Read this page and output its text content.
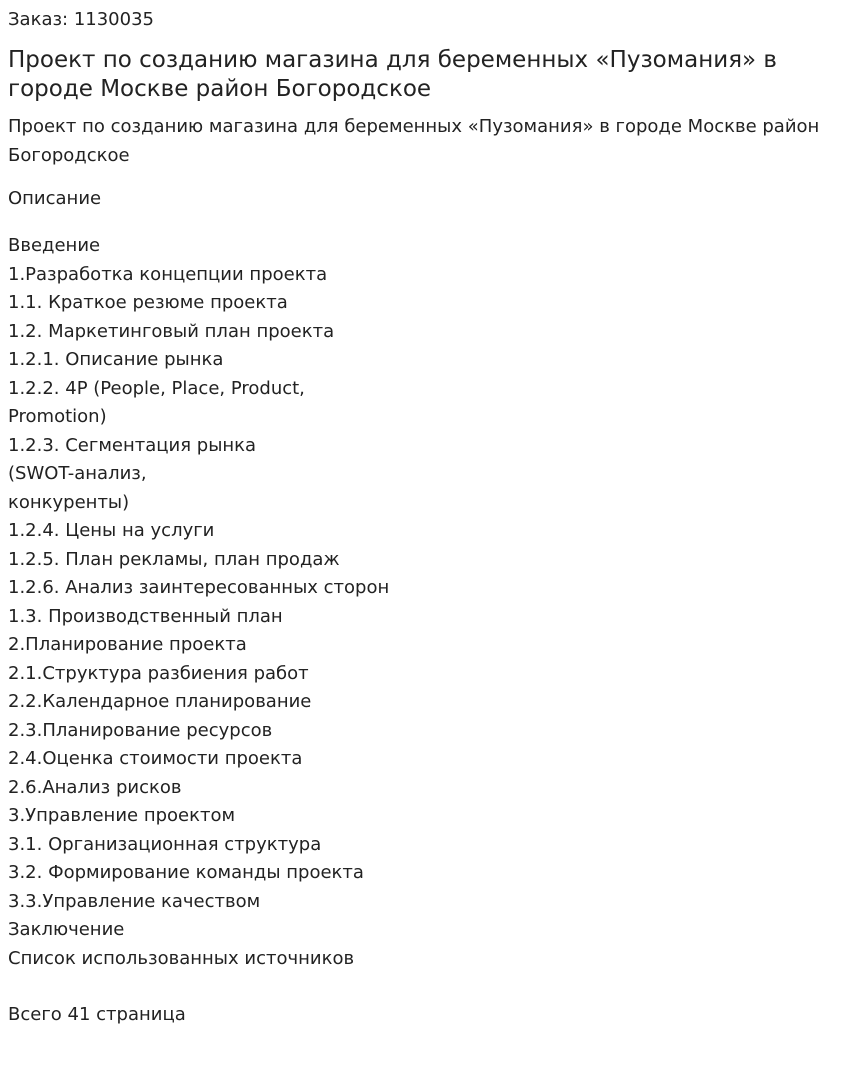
Заказ: 1130035
Проект по созданию магазина для беременных «Пузомания» в городе Москве район Богородское
Проект по созданию магазина для беременных «Пузомания» в городе Москве район Богородское
Описание
Введение
1.Разработка концепции проекта
1.1. Краткое резюме проекта
1.2. Маркетинговый план проекта
1.2.1. Описание рынка
1.2.2. 4P (People, Place, Product,
Promotion)
1.2.3. Сегментация рынка
(SWOT-анализ,
конкуренты)
1.2.4. Цены на услуги
1.2.5. План рекламы, план продаж
1.2.6. Анализ заинтересованных сторон
1.3. Производственный план
2.Планирование проекта
2.1.Структура разбиения работ
2.2.Календарное планирование
2.3.Планирование ресурсов
2.4.Оценка стоимости проекта
2.6.Анализ рисков
3.Управление проектом
3.1. Организационная структура
3.2. Формирование команды проекта
3.3.Управление качеством
Заключение
Список использованных источников
Всего 41 страница
